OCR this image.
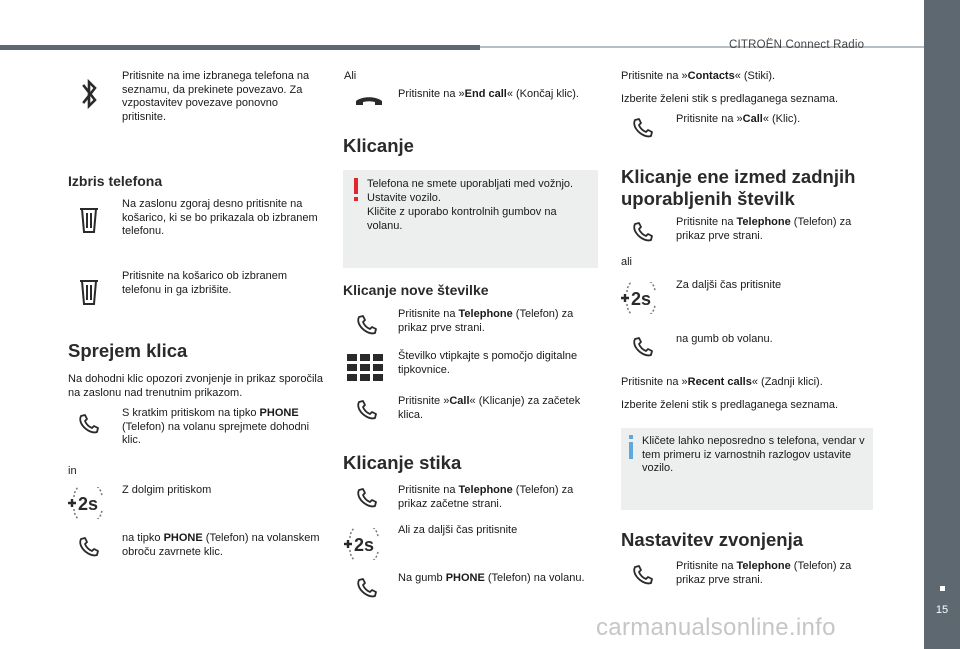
CITROËN Connect Radio
15
Pritisnite na ime izbranega telefona na seznamu, da prekinete povezavo. Za vzpostavitev povezave ponovno pritisnite.
Izbris telefona
Na zaslonu zgoraj desno pritisnite na košarico, ki se bo prikazala ob izbranem telefonu.
Pritisnite na košarico ob izbranem telefonu in ga izbrišite.
Sprejem klica
Na dohodni klic opozori zvonjenje in prikaz sporočila na zaslonu nad trenutnim prikazom.
S kratkim pritiskom na tipko PHONE (Telefon) na volanu sprejmete dohodni klic.
in
2s
Z dolgim pritiskom
na tipko PHONE (Telefon) na volanskem obroču zavrnete klic.
Ali
Pritisnite na »End call« (Končaj klic).
Klicanje
Telefona ne smete uporabljati med vožnjo. Ustavite vozilo.
Kličite z uporabo kontrolnih gumbov na volanu.
Klicanje nove številke
Pritisnite na Telephone (Telefon) za prikaz prve strani.
Številko vtipkajte s pomočjo digitalne tipkovnice.
Pritisnite »Call« (Klicanje) za začetek klica.
Klicanje stika
Pritisnite na Telephone (Telefon) za prikaz začetne strani.
2s
Ali za daljši čas pritisnite
Na gumb PHONE (Telefon) na volanu.
Pritisnite na »Contacts« (Stiki).
Izberite želeni stik s predlaganega seznama.
Pritisnite na »Call« (Klic).
Klicanje ene izmed zadnjih uporabljenih številk
Pritisnite na Telephone (Telefon) za prikaz prve strani.
ali
2s
Za daljši čas pritisnite
na gumb ob volanu.
Pritisnite na »Recent calls« (Zadnji klici).
Izberite želeni stik s predlaganega seznama.
Kličete lahko neposredno s telefona, vendar v tem primeru iz varnostnih razlogov ustavite vozilo.
Nastavitev zvonjenja
Pritisnite na Telephone (Telefon) za prikaz prve strani.
carmanualsonline.info
